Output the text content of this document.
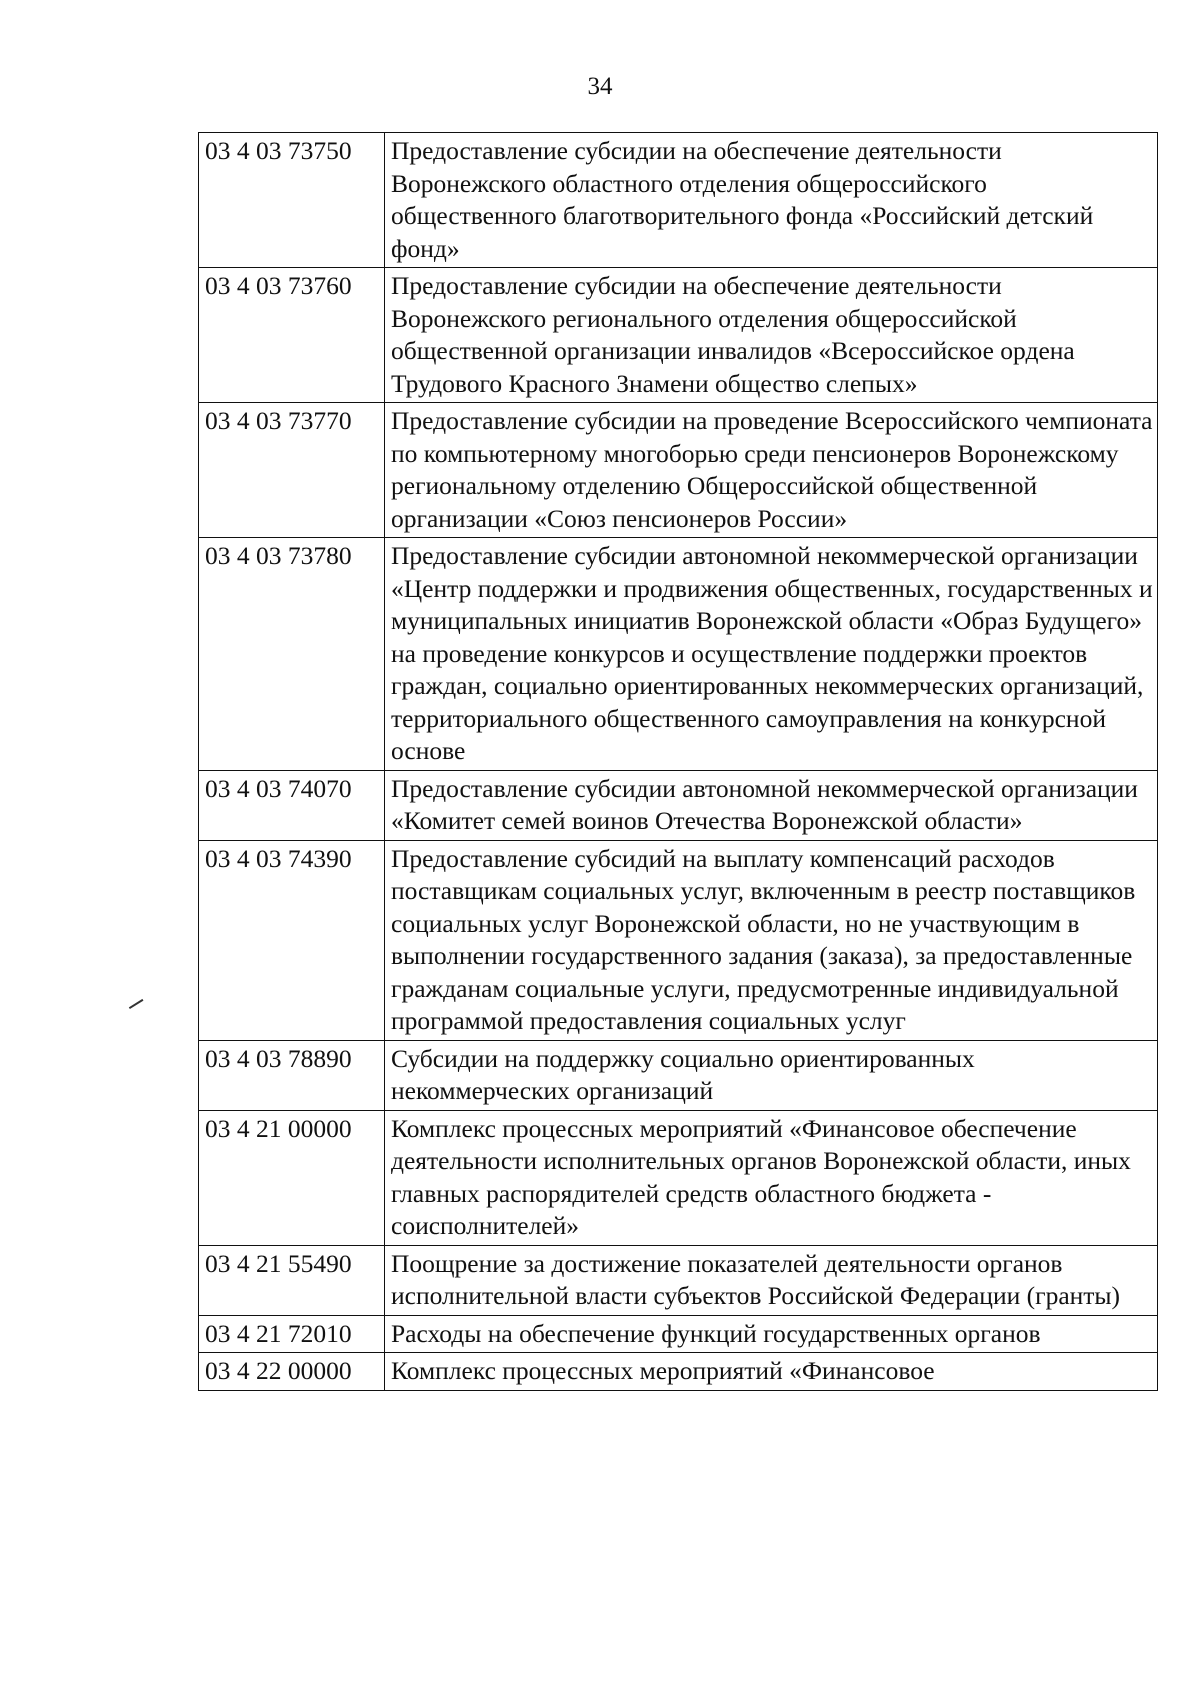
34
03 4 03 73750	Предоставление субсидии на обеспечение деятельности Воронежского областного отделения общероссийского общественного благотворительного фонда «Российский детский фонд»
03 4 03 73760	Предоставление субсидии на обеспечение деятельности Воронежского регионального отделения общероссийской общественной организации инвалидов «Всероссийское ордена Трудового Красного Знамени общество слепых»
03 4 03 73770	Предоставление субсидии на проведение Всероссийского чемпионата по компьютерному многоборью среди пенсионеров Воронежскому региональному отделению Общероссийской общественной организации «Союз пенсионеров России»
03 4 03 73780	Предоставление субсидии автономной некоммерческой организации «Центр поддержки и продвижения общественных, государственных и муниципальных инициатив Воронежской области «Образ Будущего» на проведение конкурсов и осуществление поддержки проектов граждан, социально ориентированных некоммерческих организаций, территориального общественного самоуправления на конкурсной основе
03 4 03 74070	Предоставление субсидии автономной некоммерческой организации «Комитет семей воинов Отечества Воронежской области»
03 4 03 74390	Предоставление субсидий на выплату компенсаций расходов поставщикам социальных услуг, включенным в реестр поставщиков социальных услуг Воронежской области, но не участвующим в выполнении государственного задания (заказа), за предоставленные гражданам социальные услуги, предусмотренные индивидуальной программой предоставления социальных услуг
03 4 03 78890	Субсидии на поддержку социально ориентированных некоммерческих организаций
03 4 21 00000	Комплекс процессных мероприятий «Финансовое обеспечение деятельности исполнительных органов Воронежской области, иных главных распорядителей средств областного бюджета - соисполнителей»
03 4 21 55490	Поощрение за достижение показателей деятельности органов исполнительной власти субъектов Российской Федерации (гранты)
03 4 21 72010	Расходы на обеспечение функций государственных органов
03 4 22 00000	Комплекс процессных мероприятий «Финансовое
